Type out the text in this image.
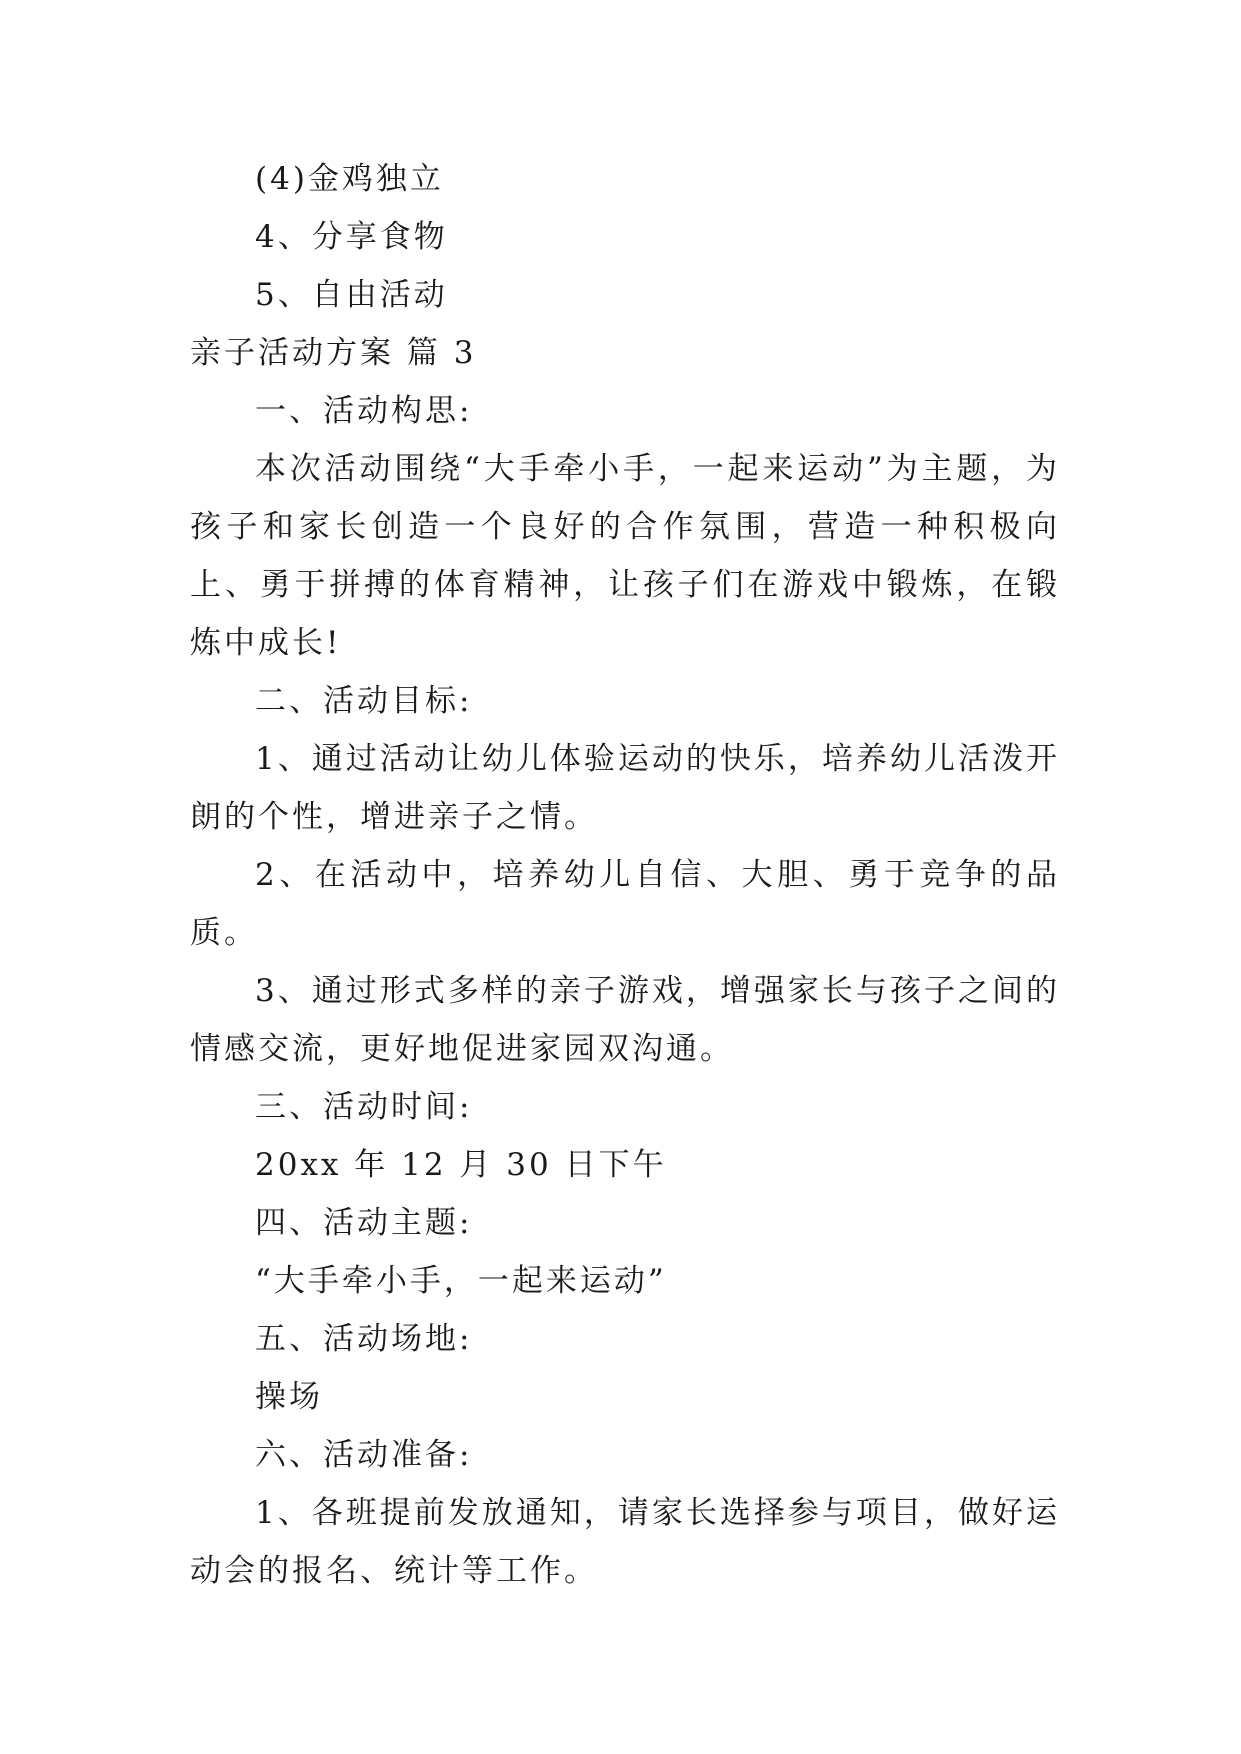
(4)金鸡独立

4、分享食物

5、自由活动

亲子活动方案 篇 3

一、活动构思:

本次活动围绕“大手牵小手，一起来运动”为主题，为孩子和家长创造一个良好的合作氛围，营造一种积极向上、勇于拼搏的体育精神，让孩子们在游戏中锻炼，在锻炼中成长!

二、活动目标:

1、通过活动让幼儿体验运动的快乐，培养幼儿活泼开朗的个性，增进亲子之情。

2、在活动中，培养幼儿自信、大胆、勇于竞争的品质。

3、通过形式多样的亲子游戏，增强家长与孩子之间的情感交流，更好地促进家园双沟通。

三、活动时间:

20xx 年 12 月 30 日下午

四、活动主题:

“大手牵小手，一起来运动”

五、活动场地:

操场

六、活动准备:

1、各班提前发放通知，请家长选择参与项目，做好运动会的报名、统计等工作。
